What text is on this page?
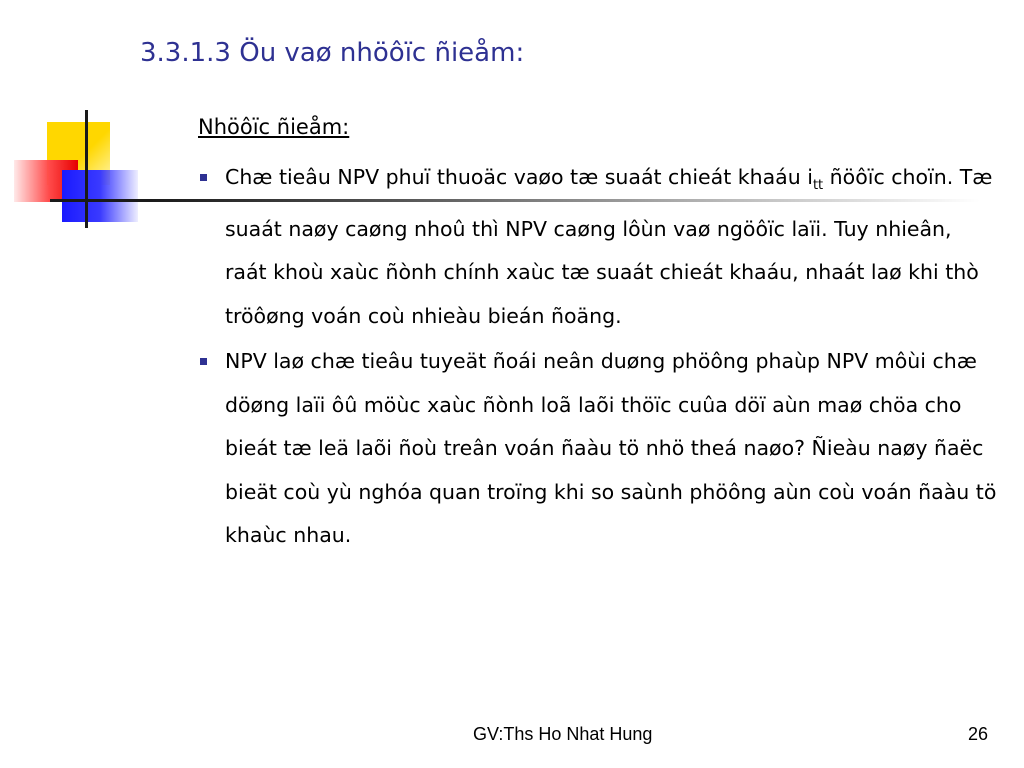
3.3.1.3 Öu vaø nhöôïc ñieåm:
Nhöôïc ñieåm:
Chæ tieâu NPV phuï thuoäc vaøo tæ suaát chieát khaáu $i_{tt}$ ñöôïc choïn. Tæ suaát naøy caøng nhoû thì NPV caøng lôùn vaø ngöôïc laïi. Tuy nhieân, raát khoù xaùc ñònh chính xaùc tæ suaát chieát khaáu, nhaát laø khi thò tröôøng voán coù nhieàu bieán ñoäng.
NPV laø chæ tieâu tuyeät ñoái neân duøng phöông phaùp NPV môùi chæ döøng laïi ôû möùc xaùc ñònh loã laõi thöïc cuûa döï aùn maø chöa cho bieát tæ leä laõi ñoù treân voán ñaàu tö nhö theá naøo? Ñieàu naøy ñaëc bieät coù yù nghóa quan troïng khi so saùnh phöông aùn coù voán ñaàu tö khaùc nhau.
GV:Ths Ho Nhat Hung	26
